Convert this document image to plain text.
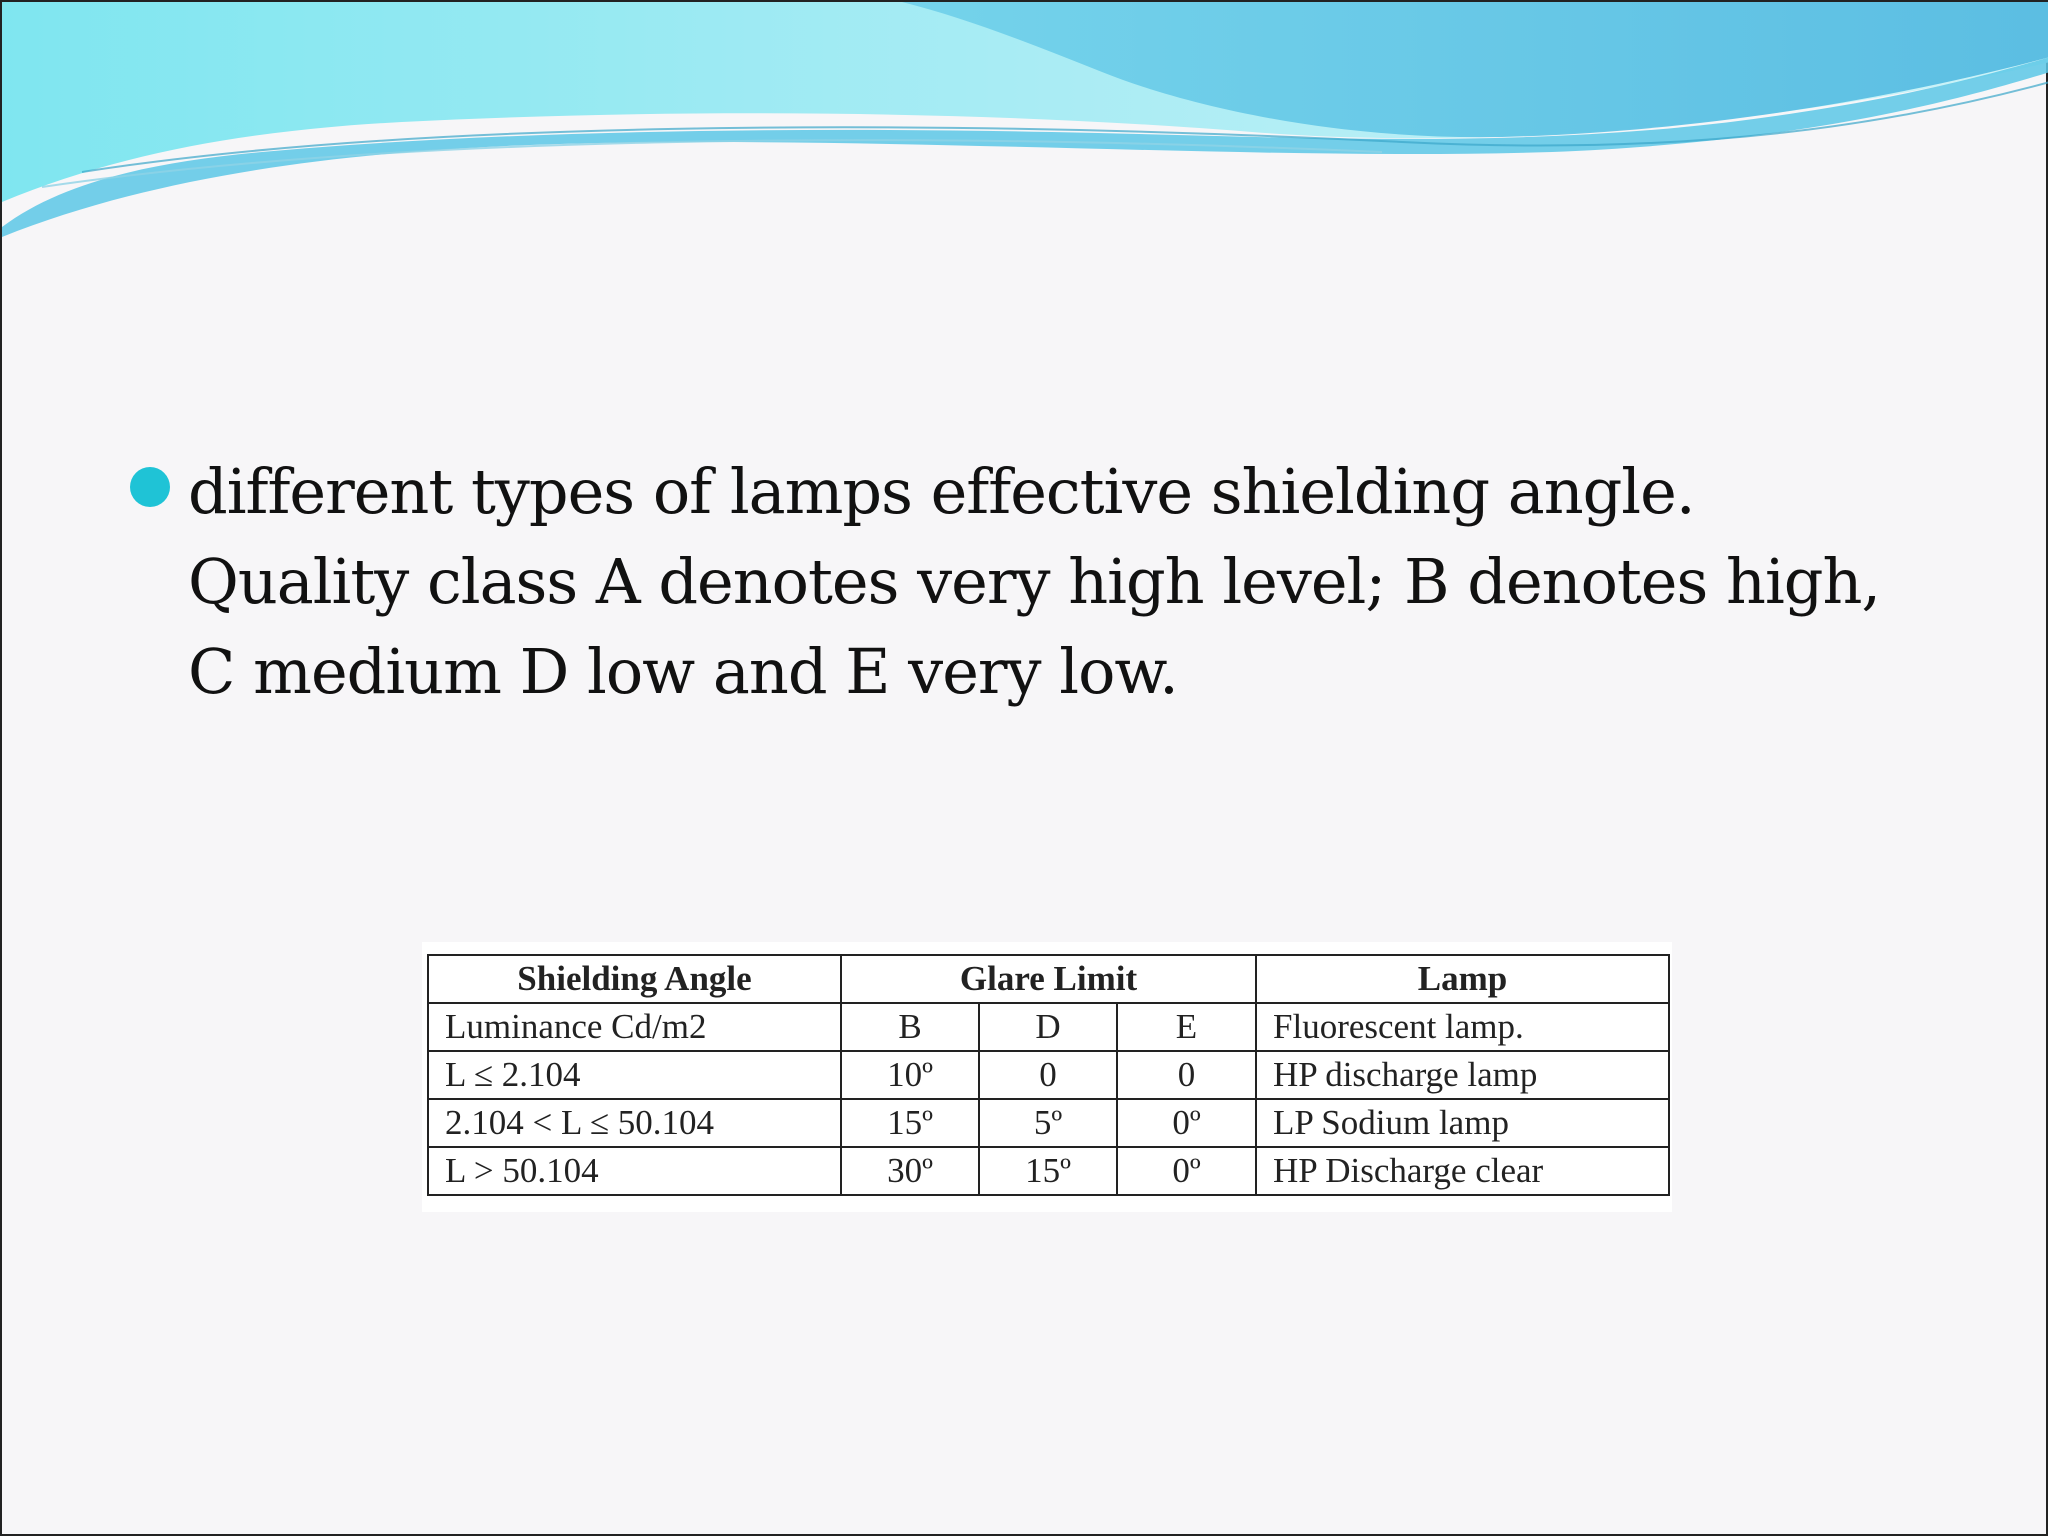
different types of lamps effective shielding angle. Quality class A denotes very high level; B denotes high, C medium D low and E very low.
Shielding Angle	Glare Limit			Lamp
Luminance Cd/m2	B	D	E	Fluorescent lamp.
L ≤ 2.104	10º	0	0	HP discharge lamp
2.104 < L ≤ 50.104	15º	5º	0º	LP Sodium lamp
L > 50.104	30º	15º	0º	HP Discharge clear
